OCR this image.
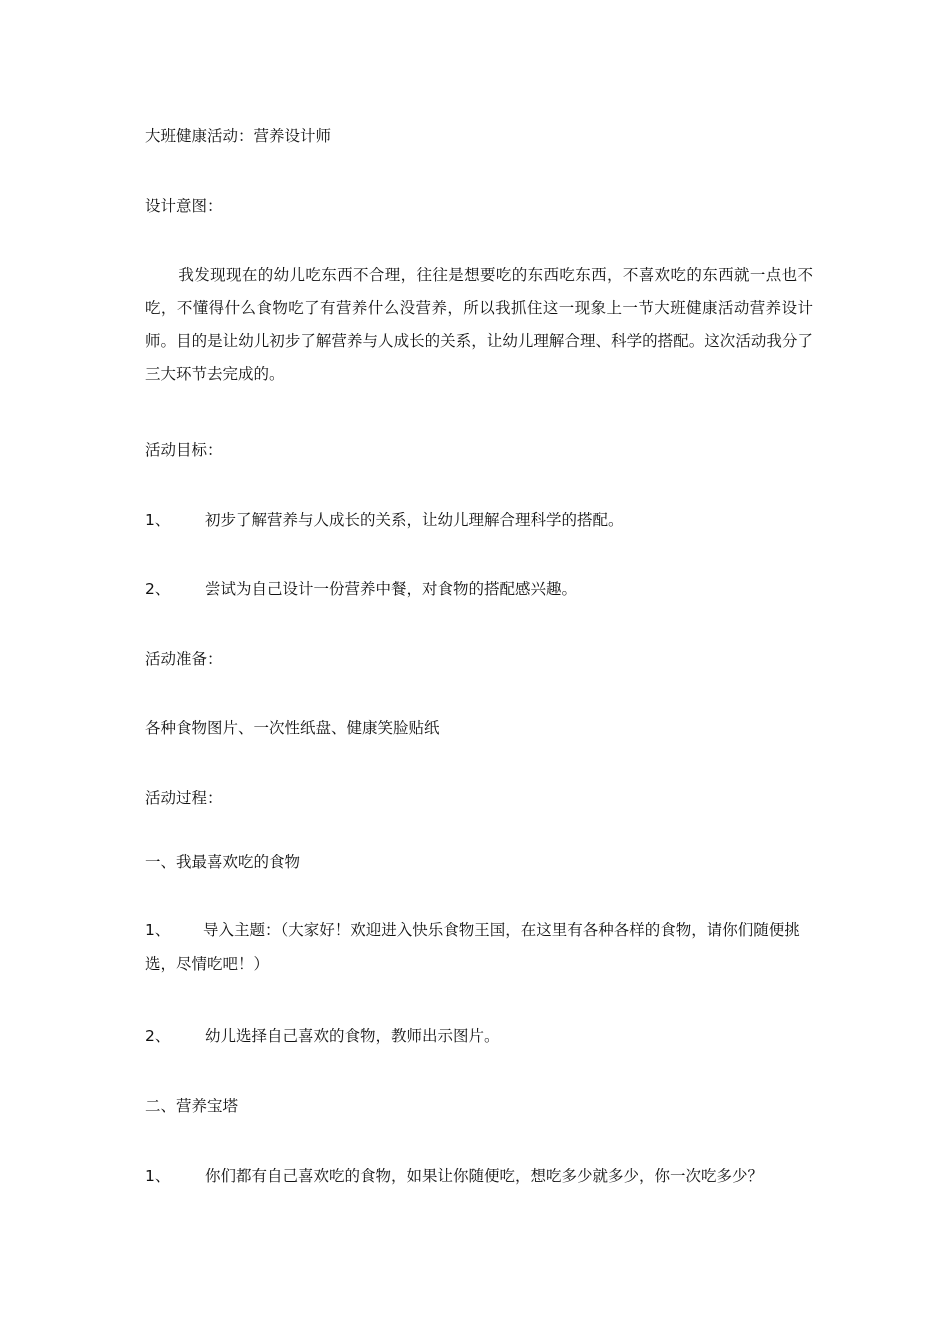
大班健康活动：营养设计师
设计意图：
我发现现在的幼儿吃东西不合理，往往是想要吃的东西吃东西，不喜欢吃的东西就一点也不吃，不懂得什么食物吃了有营养什么没营养，所以我抓住这一现象上一节大班健康活动营养设计师。目的是让幼儿初步了解营养与人成长的关系，让幼儿理解合理、科学的搭配。这次活动我分了三大环节去完成的。
活动目标：
1、 初步了解营养与人成长的关系，让幼儿理解合理科学的搭配。
2、 尝试为自己设计一份营养中餐，对食物的搭配感兴趣。
活动准备：
各种食物图片、一次性纸盘、健康笑脸贴纸
活动过程：
一、我最喜欢吃的食物
1、 导入主题：（大家好！欢迎进入快乐食物王国，在这里有各种各样的食物，请你们随便挑选，尽情吃吧！）
2、 幼儿选择自己喜欢的食物，教师出示图片。
二、营养宝塔
1、 你们都有自己喜欢吃的食物，如果让你随便吃，想吃多少就多少，你一次吃多少？
